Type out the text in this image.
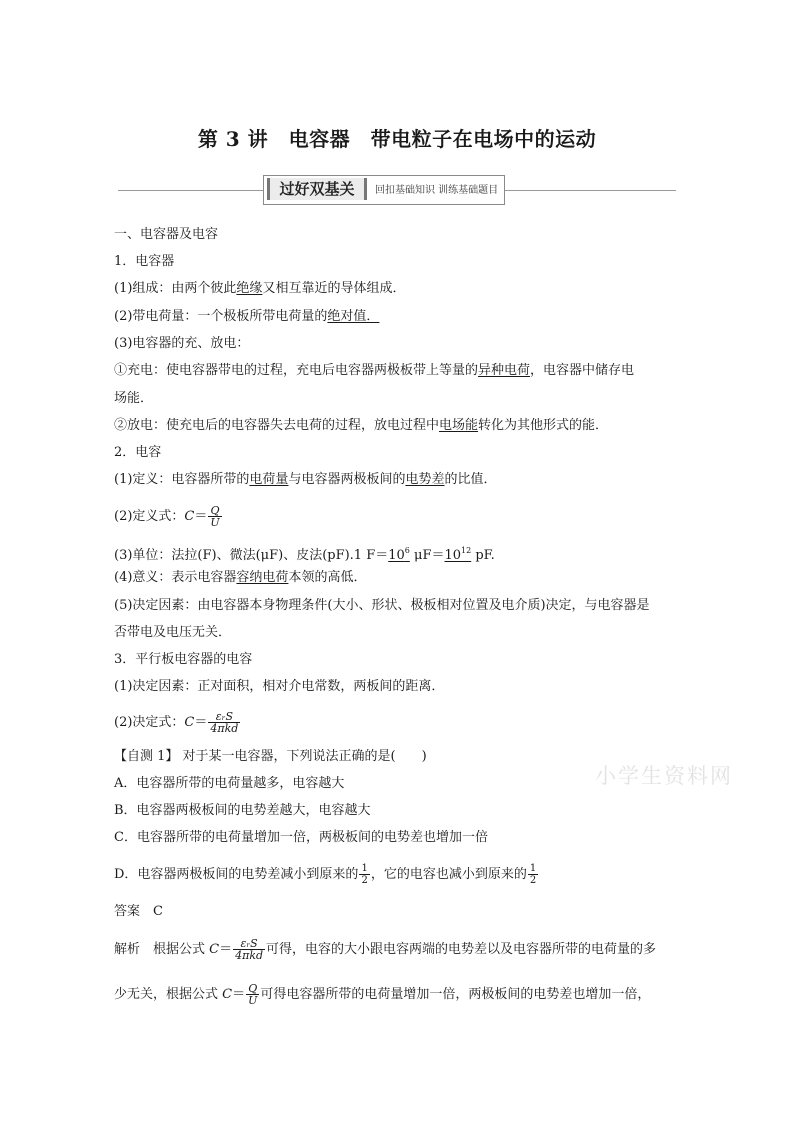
第 3 讲　电容器　带电粒子在电场中的运动
过好双基关	回扣基础知识 训练基础题目
一、电容器及电容
1．电容器
(1)组成：由两个彼此绝缘又相互靠近的导体组成．
(2)带电荷量：一个极板所带电荷量的绝对值．
(3)电容器的充、放电：
①充电：使电容器带电的过程，充电后电容器两极板带上等量的异种电荷，电容器中储存电
场能．
②放电：使充电后的电容器失去电荷的过程，放电过程中电场能转化为其他形式的能．
2．电容
(1)定义：电容器所带的电荷量与电容器两极板间的电势差的比值．
(2)定义式：$C= \frac{Q}{U}$
(3)单位：法拉(F)、微法(μF)、皮法(pF).1 $F=10^6$ $\mu F=10^{12}$ pF.
(4)意义：表示电容器容纳电荷本领的高低．
(5)决定因素：由电容器本身物理条件(大小、形状、极板相对位置及电介质)决定，与电容器是
否带电及电压无关．
3．平行板电容器的电容
(1)决定因素：正对面积，相对介电常数，两板间的距离．
(2)决定式：$C= \frac{\text{εᵣS}}{\text{4πkd}}$
【自测 1】 对于某一电容器，下列说法正确的是(　　)
A．电容器所带的电荷量越多，电容越大
B．电容器两极板间的电势差越大，电容越大
C．电容器所带的电荷量增加一倍，两极板间的电势差也增加一倍
D．电容器两极板间的电势差减小到原来的 $\frac{1}{2}$ ，它的电容也减小到原来的 $\frac{1}{2}$
答案　C
解析　根据公式 $C= \frac{\text{εᵣS}}{\text{4πkd}}$ 可得，电容的大小跟电容两端的电势差以及电容器所带的电荷量的多
少无关，根据公式 $C= \frac{Q}{U}$ 可得电容器所带的电荷量增加一倍，两极板间的电势差也增加一倍，
小学生资料网
